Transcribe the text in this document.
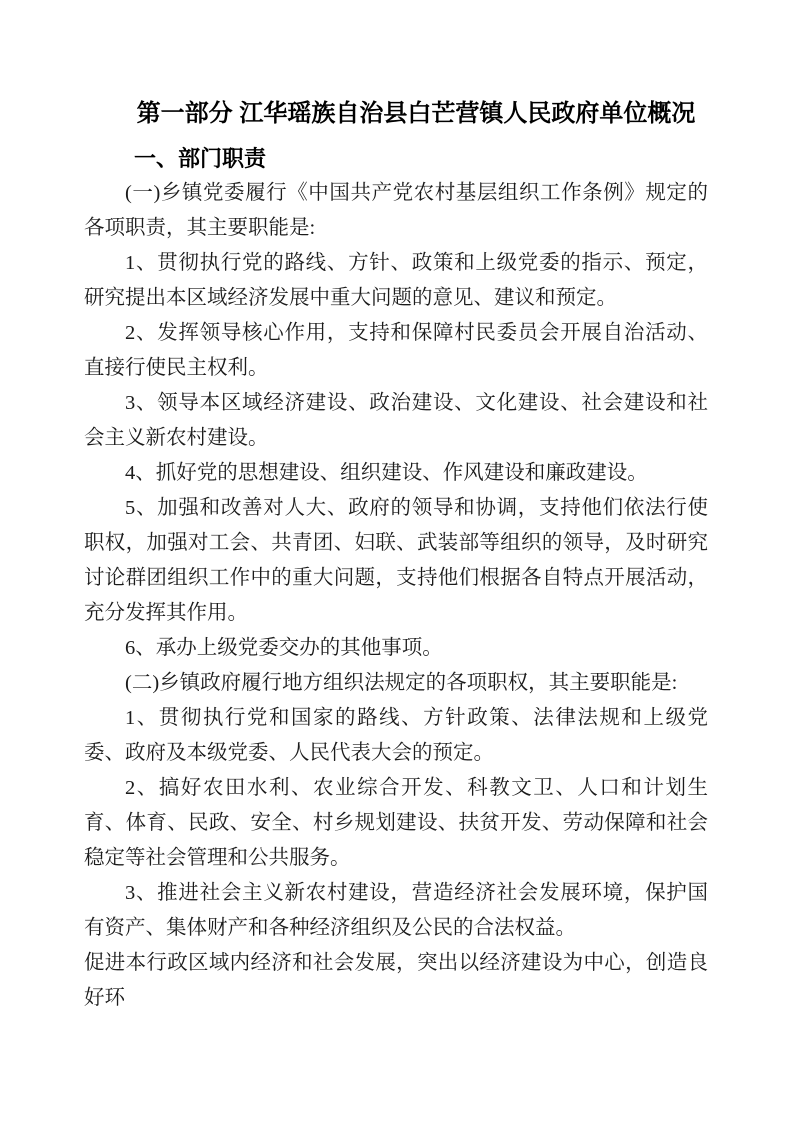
第一部分 江华瑶族自治县白芒营镇人民政府单位概况
一、部门职责

(一)乡镇党委履行《中国共产党农村基层组织工作条例》规定的各项职责，其主要职能是:

1、贯彻执行党的路线、方针、政策和上级党委的指示、预定，研究提出本区域经济发展中重大问题的意见、建议和预定。

2、发挥领导核心作用，支持和保障村民委员会开展自治活动、直接行使民主权利。

3、领导本区域经济建设、政治建设、文化建设、社会建设和社会主义新农村建设。

4、抓好党的思想建设、组织建设、作风建设和廉政建设。

5、加强和改善对人大、政府的领导和协调，支持他们依法行使职权，加强对工会、共青团、妇联、武装部等组织的领导，及时研究讨论群团组织工作中的重大问题，支持他们根据各自特点开展活动，充分发挥其作用。

6、承办上级党委交办的其他事项。

(二)乡镇政府履行地方组织法规定的各项职权，其主要职能是:

1、贯彻执行党和国家的路线、方针政策、法律法规和上级党委、政府及本级党委、人民代表大会的预定。

2、搞好农田水利、农业综合开发、科教文卫、人口和计划生育、体育、民政、安全、村乡规划建设、扶贫开发、劳动保障和社会稳定等社会管理和公共服务。

3、推进社会主义新农村建设，营造经济社会发展环境，保护国有资产、集体财产和各种经济组织及公民的合法权益。

促进本行政区域内经济和社会发展，突出以经济建设为中心，创造良好环
